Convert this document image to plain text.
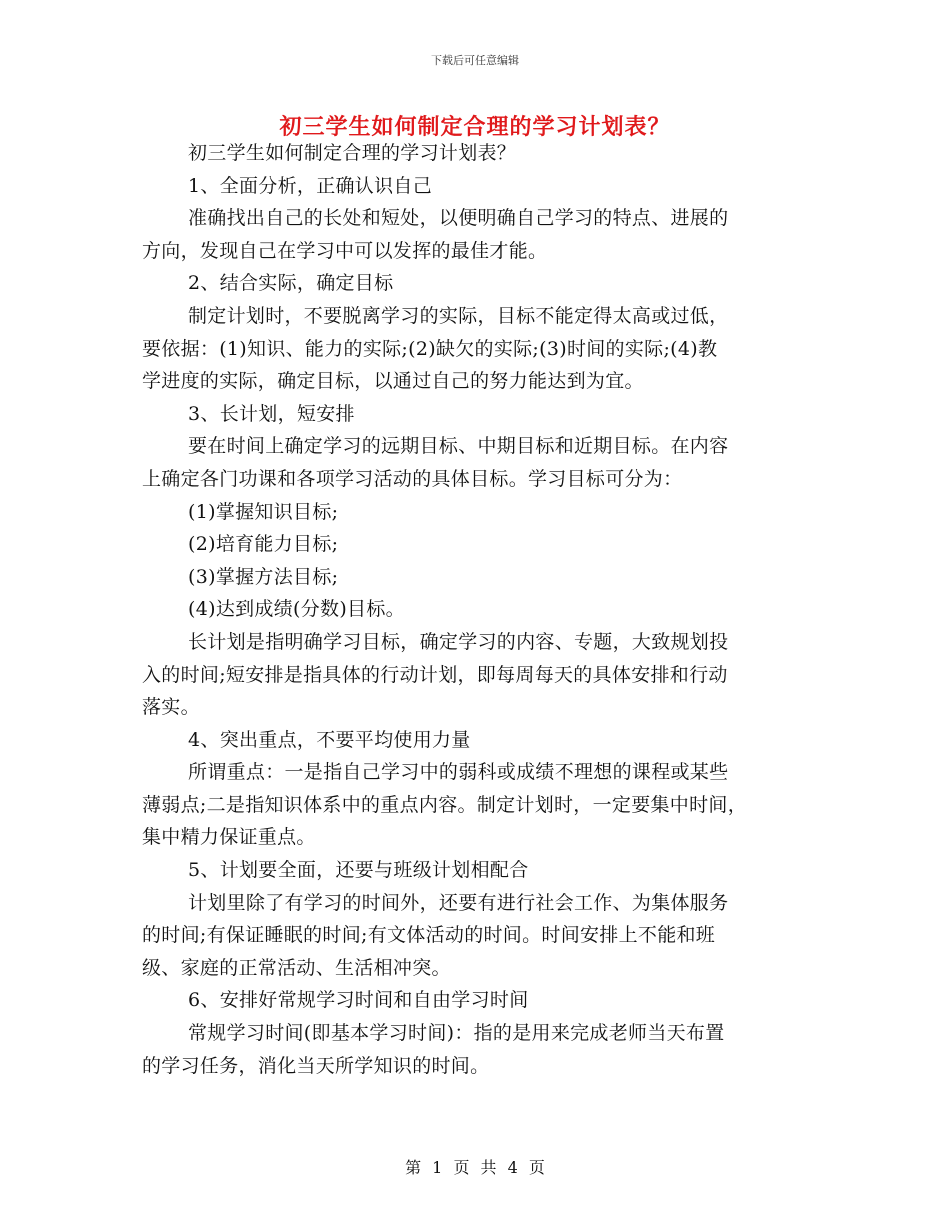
下载后可任意编辑
初三学生如何制定合理的学习计划表？
初三学生如何制定合理的学习计划表？
1、全面分析，正确认识自己
准确找出自己的长处和短处，以便明确自己学习的特点、进展的
方向，发现自己在学习中可以发挥的最佳才能。
2、结合实际，确定目标
制定计划时，不要脱离学习的实际，目标不能定得太高或过低，
要依据：(1)知识、能力的实际;(2)缺欠的实际;(3)时间的实际;(4)教
学进度的实际，确定目标，以通过自己的努力能达到为宜。
3、长计划，短安排
要在时间上确定学习的远期目标、中期目标和近期目标。在内容
上确定各门功课和各项学习活动的具体目标。学习目标可分为：
(1)掌握知识目标;
(2)培育能力目标;
(3)掌握方法目标;
(4)达到成绩(分数)目标。
长计划是指明确学习目标，确定学习的内容、专题，大致规划投
入的时间;短安排是指具体的行动计划，即每周每天的具体安排和行动
落实。
4、突出重点，不要平均使用力量
所谓重点：一是指自己学习中的弱科或成绩不理想的课程或某些
薄弱点;二是指知识体系中的重点内容。制定计划时，一定要集中时间，
集中精力保证重点。
5、计划要全面，还要与班级计划相配合
计划里除了有学习的时间外，还要有进行社会工作、为集体服务
的时间;有保证睡眠的时间;有文体活动的时间。时间安排上不能和班
级、家庭的正常活动、生活相冲突。
6、安排好常规学习时间和自由学习时间
常规学习时间(即基本学习时间)：指的是用来完成老师当天布置
的学习任务，消化当天所学知识的时间。
第 1 页 共 4 页
